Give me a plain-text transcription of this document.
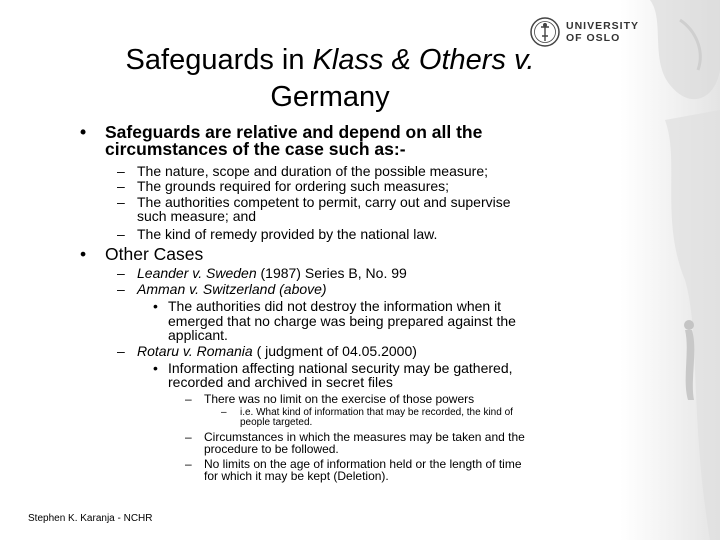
UNIVERSITY
OF OSLO
Safeguards in Klass & Others v.
Germany
• Safeguards are relative and depend on all the
circumstances of the case such as:-
– The nature, scope and duration of the possible measure;
– The grounds required for ordering such measures;
– The authorities competent to permit, carry out and supervise
such measure; and
– The kind of remedy provided by the national law.
• Other Cases
– Leander v. Sweden (1987) Series B, No. 99
– Amman v. Switzerland (above)
• The authorities did not destroy the information when it
emerged that no charge was being prepared against the
applicant.
– Rotaru v. Romania ( judgment of 04.05.2000)
• Information affecting national security may be gathered,
recorded and archived in secret files
– There was no limit on the exercise of those powers
– i.e. What kind of information that may be recorded, the kind of
people targeted.
– Circumstances in which the measures may be taken and the
procedure to be followed.
– No limits on the age of information held or the length of time
for which it may be kept (Deletion).
Stephen K. Karanja - NCHR
